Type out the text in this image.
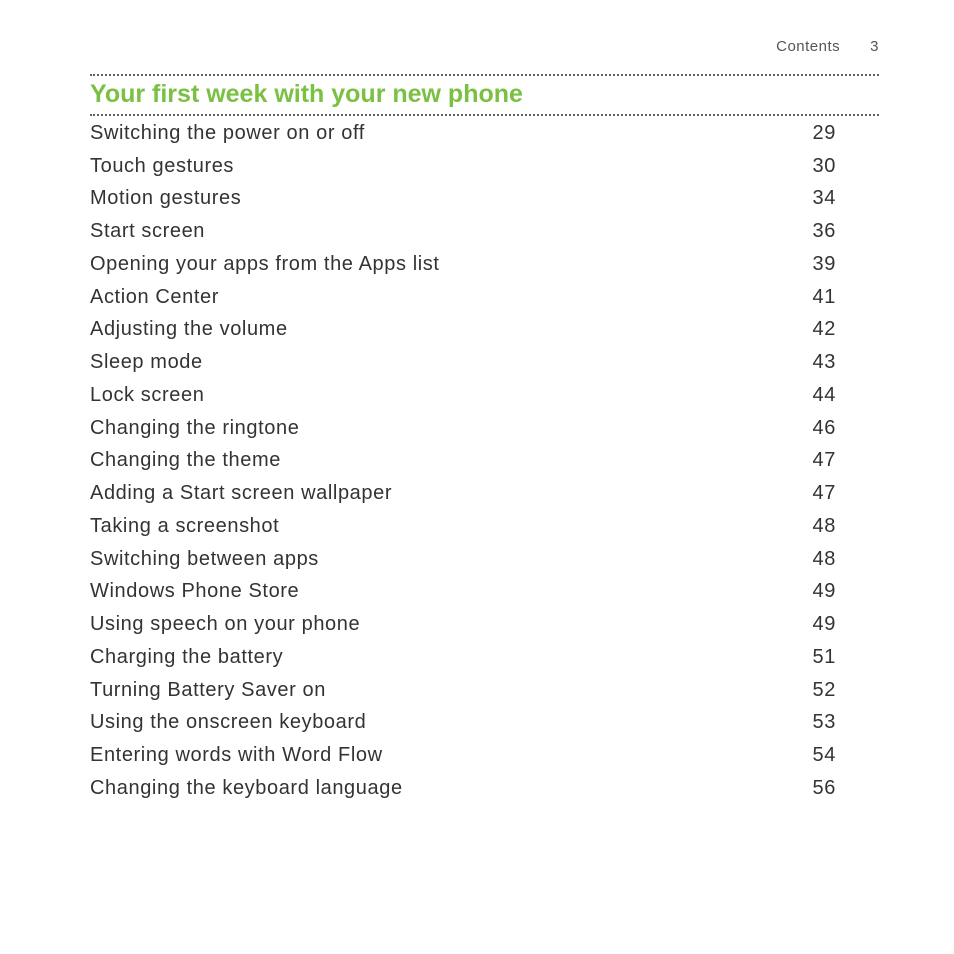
Contents 3
Your first week with your new phone
Switching the power on or off	29
Touch gestures	30
Motion gestures	34
Start screen	36
Opening your apps from the Apps list	39
Action Center	41
Adjusting the volume	42
Sleep mode	43
Lock screen	44
Changing the ringtone	46
Changing the theme	47
Adding a Start screen wallpaper	47
Taking a screenshot	48
Switching between apps	48
Windows Phone Store	49
Using speech on your phone	49
Charging the battery	51
Turning Battery Saver on	52
Using the onscreen keyboard	53
Entering words with Word Flow	54
Changing the keyboard language	56
